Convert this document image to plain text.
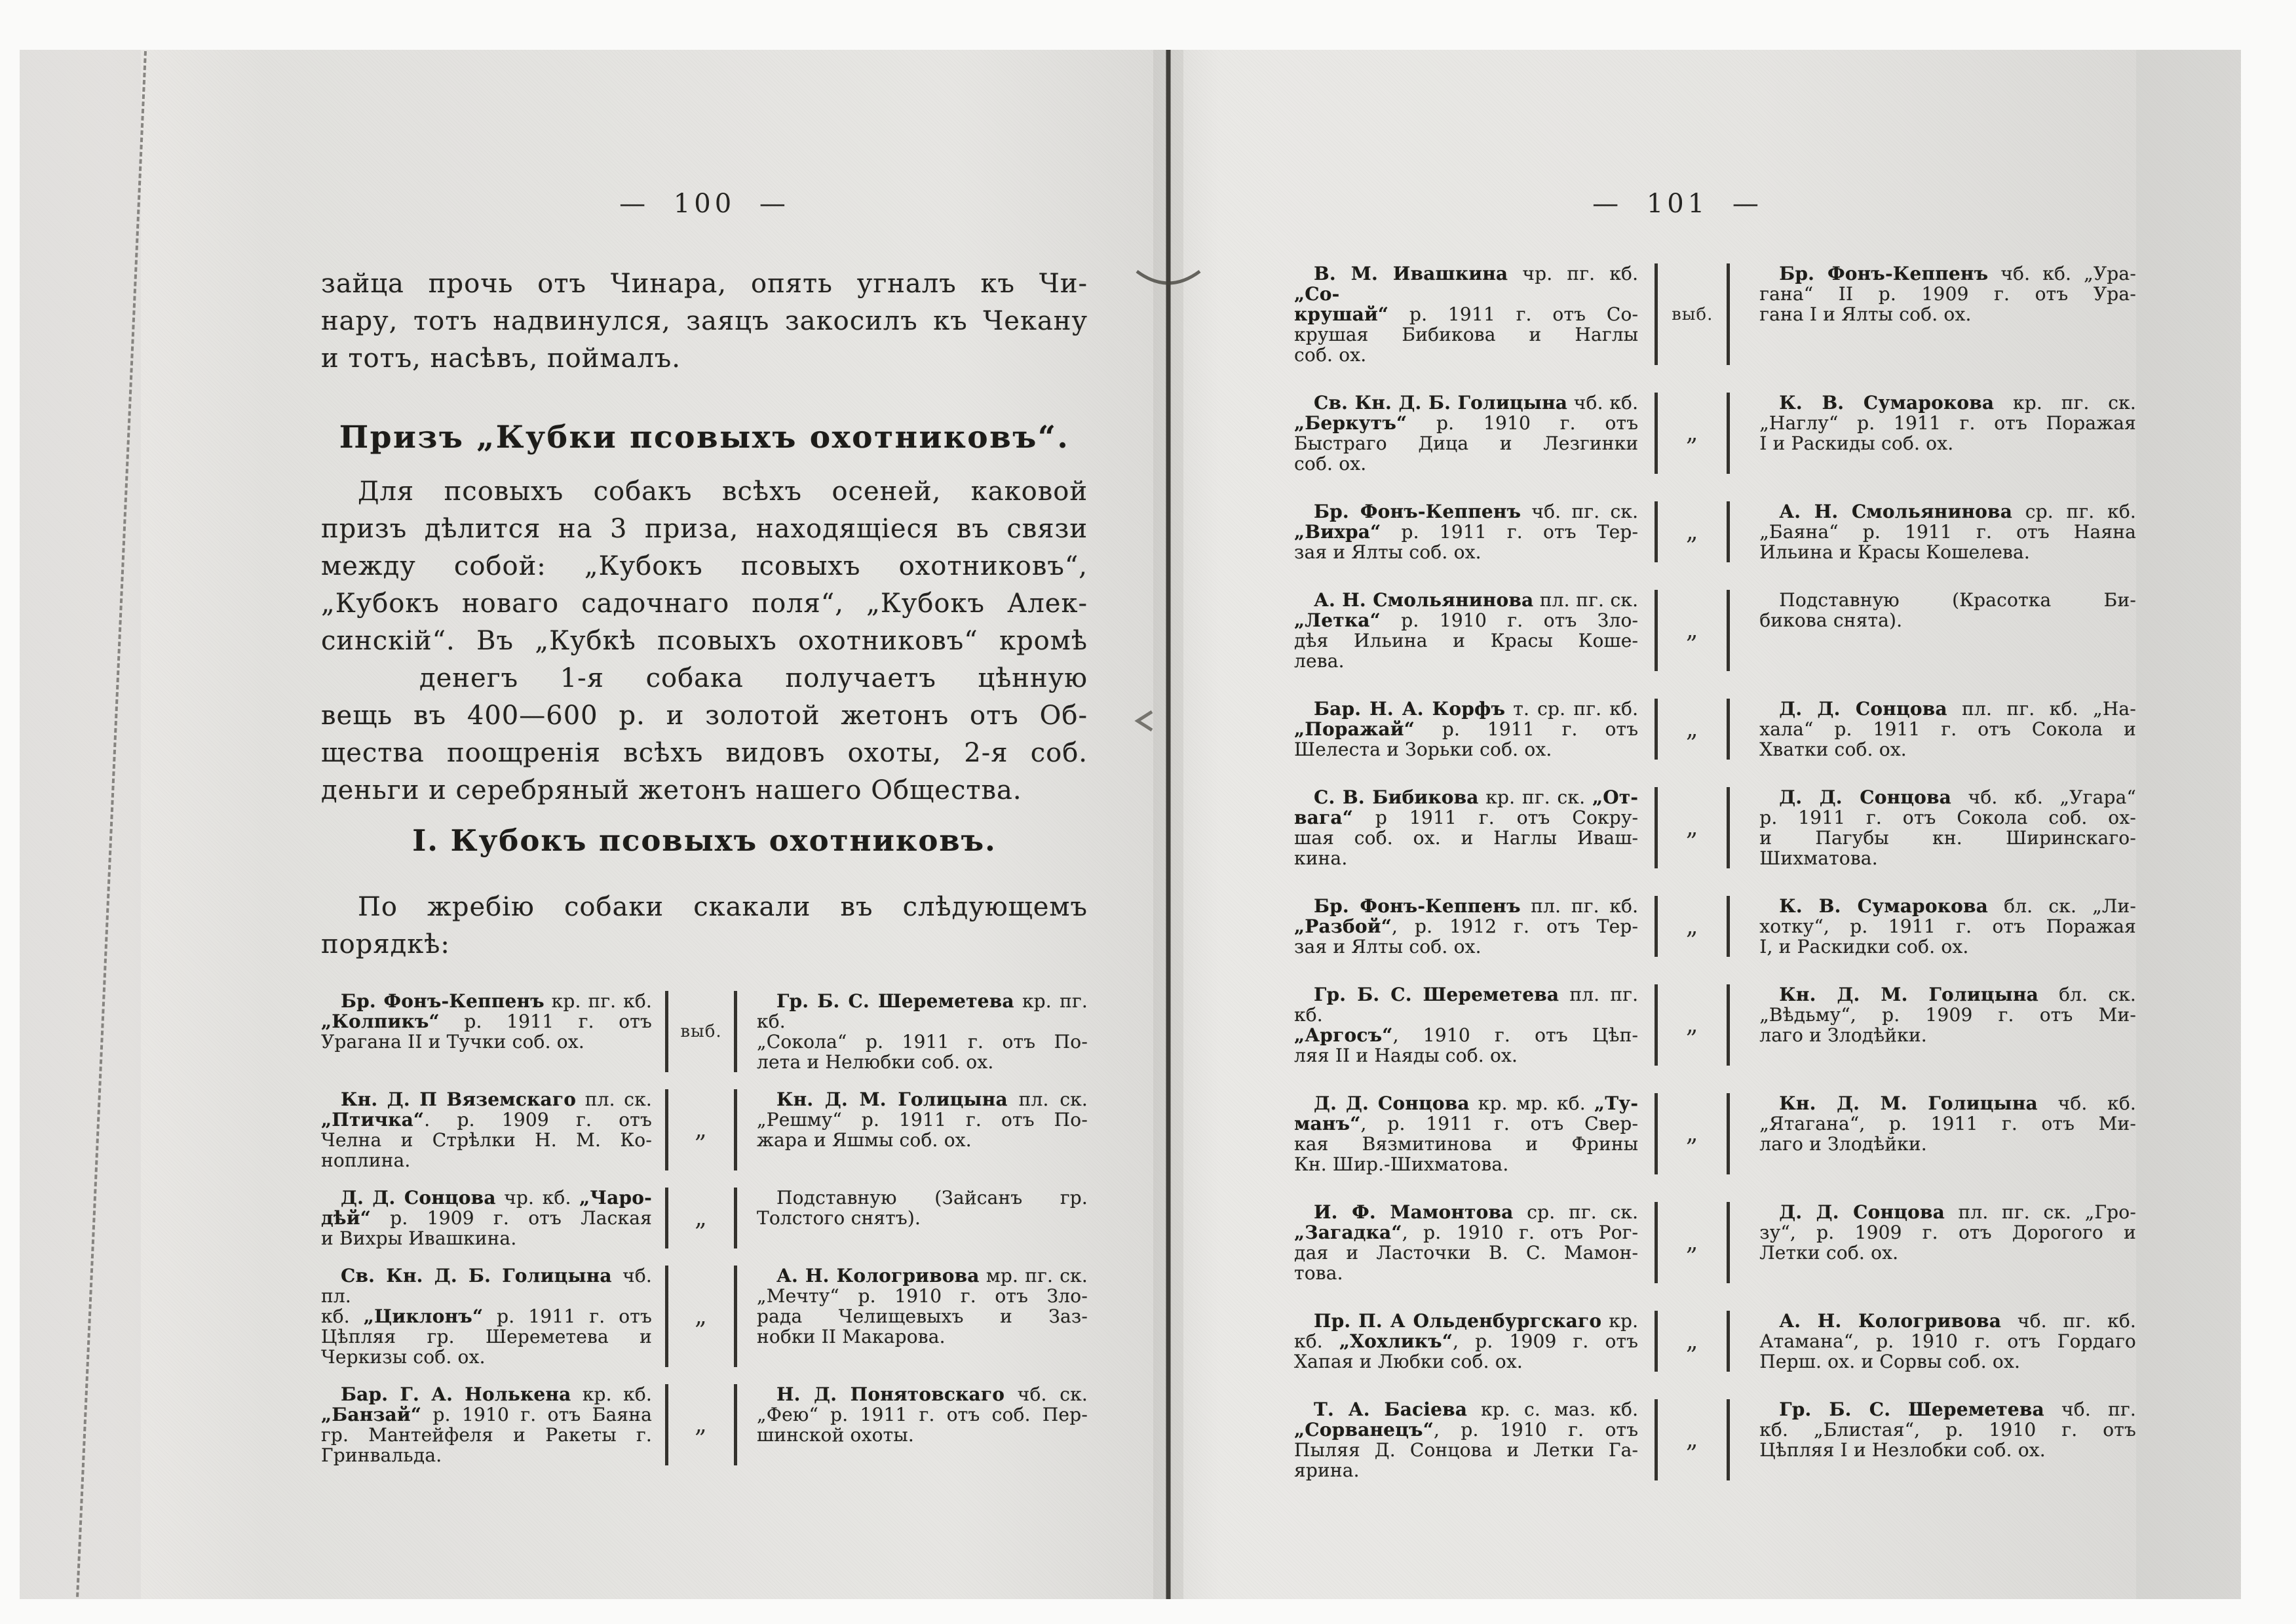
— 100 —
зайца прочь отъ Чинара, опять угналъ къ Чи-
нару, тотъ надвинулся, заяцъ закосилъ къ Чекану
и тотъ, насѣвъ, поймалъ.
Призъ „Кубки псовыхъ охотниковъ“.
Для псовыхъ собакъ всѣхъ осеней, каковой
призъ дѣлится на 3 приза, находящіеся въ связи
между собой: „Кубокъ псовыхъ охотниковъ“,
„Кубокъ новаго садочнаго поля“, „Кубокъ Алек-
синскій“. Въ „Кубкѣ псовыхъ охотниковъ“ кромѣ
денегъ 1-я собака получаетъ цѣнную
вещь въ 400—600 р. и золотой жетонъ отъ Об-
щества поощренія всѣхъ видовъ охоты, 2-я соб.
деньги и серебряный жетонъ нашего Общества.
I. Кубокъ псовыхъ охотниковъ.
По жребію собаки скакали въ слѣдующемъ
порядкѣ:
Бр. Фонъ-Кеппенъ кр. пг. кб.
„Колпикъ“ р. 1911 г. отъ
Урагана II и Тучки соб. ох.	выб.
Гр. Б. С. Шереметева кр. пг. кб.
„Сокола“ р. 1911 г. отъ По-
лета и Нелюбки соб. ох.
Кн. Д. П Вяземскаго пл. ск.
„Птичка“. р. 1909 г. отъ
Челна и Стрѣлки Н. М. Ко-
ноплина.
„
Кн. Д. М. Голицына пл. ск.
„Решму“ р. 1911 г. отъ По-
жара и Яшмы соб. ох.
Д. Д. Сонцова чр. кб. „Чаро-
дѣй“ р. 1909 г. отъ Лаская
и Вихры Ивашкина.
„
Подставную (Зайсанъ гр.
Толстого снятъ).
Св. Кн. Д. Б. Голицына чб. пл.
кб. „Циклонъ“ р. 1911 г. отъ
Цѣпляя гр. Шереметева и
Черкизы соб. ох.
„
А. Н. Кологривова мр. пг. ск.
„Мечту“ р. 1910 г. отъ Зло-
рада Челищевыхъ и Заз-
нобки II Макарова.
Бар. Г. А. Нолькена кр. кб.
„Банзай“ р. 1910 г. отъ Баяна
гр. Мантейфеля и Ракеты г.
Гринвальда.
„
Н. Д. Понятовскаго чб. ск.
„Фею“ р. 1911 г. отъ соб. Пер-
шинской охоты.
— 101 —
В. М. Ивашкина чр. пг. кб. „Со-
крушай“ р. 1911 г. отъ Со-
крушая Бибикова и Наглы
соб. ох.
выб.
Бр. Фонъ-Кеппенъ чб. кб. „Ура-
гана“ II р. 1909 г. отъ Ура-
гана I и Ялты соб. ох.
Св. Кн. Д. Б. Голицына чб. кб.
„Беркутъ“ р. 1910 г. отъ
Быстраго Дица и Лезгинки
соб. ох.
„
К. В. Сумарокова кр. пг. ск.
„Наглу“ р. 1911 г. отъ Поражая
I и Раскиды соб. ох.
Бр. Фонъ-Кеппенъ чб. пг. ск.
„Вихра“ р. 1911 г. отъ Тер-
зая и Ялты соб. ох.
„
А. Н. Смольянинова ср. пг. кб.
„Баяна“ р. 1911 г. отъ Наяна
Ильина и Красы Кошелева.
А. Н. Смольянинова пл. пг. ск.
„Летка“ р. 1910 г. отъ Зло-
дѣя Ильина и Красы Коше-
лева.
„
Подставную (Красотка Би-
бикова снята).
Бар. Н. А. Корфъ т. ср. пг. кб.
„Поражай“ р. 1911 г. отъ
Шелеста и Зорьки соб. ох.
„
Д. Д. Сонцова пл. пг. кб. „На-
хала“ р. 1911 г. отъ Сокола и
Хватки соб. ох.
С. В. Бибикова кр. пг. ск. „От-
вага“ р 1911 г. отъ Сокру-
шая соб. ох. и Наглы Иваш-
кина.
„
Д. Д. Сонцова чб. кб. „Угара“
р. 1911 г. отъ Сокола соб. ох-
и Пагубы кн. Ширинскаго-
Шихматова.
Бр. Фонъ-Кеппенъ пл. пг. кб.
„Разбой“, р. 1912 г. отъ Тер-
зая и Ялты соб. ох.
„
К. В. Сумарокова бл. ск. „Ли-
хотку“, р. 1911 г. отъ Поражая
I, и Раскидки соб. ох.
Гр. Б. С. Шереметева пл. пг. кб.
„Аргосъ“, 1910 г. отъ Цѣп-
ляя II и Наяды соб. ох.
„
Кн. Д. М. Голицына бл. ск.
„Вѣдьму“, р. 1909 г. отъ Ми-
лаго и Злодѣйки.
Д. Д. Сонцова кр. мр. кб. „Ту-
манъ“, р. 1911 г. отъ Свер-
кая Вязмитинова и Фрины
Кн. Шир.-Шихматова.
„
Кн. Д. М. Голицына чб. кб.
„Ятагана“, р. 1911 г. отъ Ми-
лаго и Злодѣйки.
И. Ф. Мамонтова ср. пг. ск.
„Загадка“, р. 1910 г. отъ Рог-
дая и Ласточки В. С. Мамон-
това.
„
Д. Д. Сонцова пл. пг. ск. „Гро-
зу“, р. 1909 г. отъ Дорогого и
Летки соб. ох.
Пр. П. А Ольденбургскаго кр.
кб. „Хохликъ“, р. 1909 г. отъ
Хапая и Любки соб. ох.
„
А. Н. Кологривова чб. пг. кб.
Атамана“, р. 1910 г. отъ Гордаго
Перш. ох. и Сорвы соб. ох.
Т. А. Басіева кр. с. маз. кб.
„Сорванецъ“, р. 1910 г. отъ
Пыляя Д. Сонцова и Летки Га-
ярина.
„
Гр. Б. С. Шереметева чб. пг.
кб. „Блистая“, р. 1910 г. отъ
Цѣпляя I и Незлобки соб. ох.
